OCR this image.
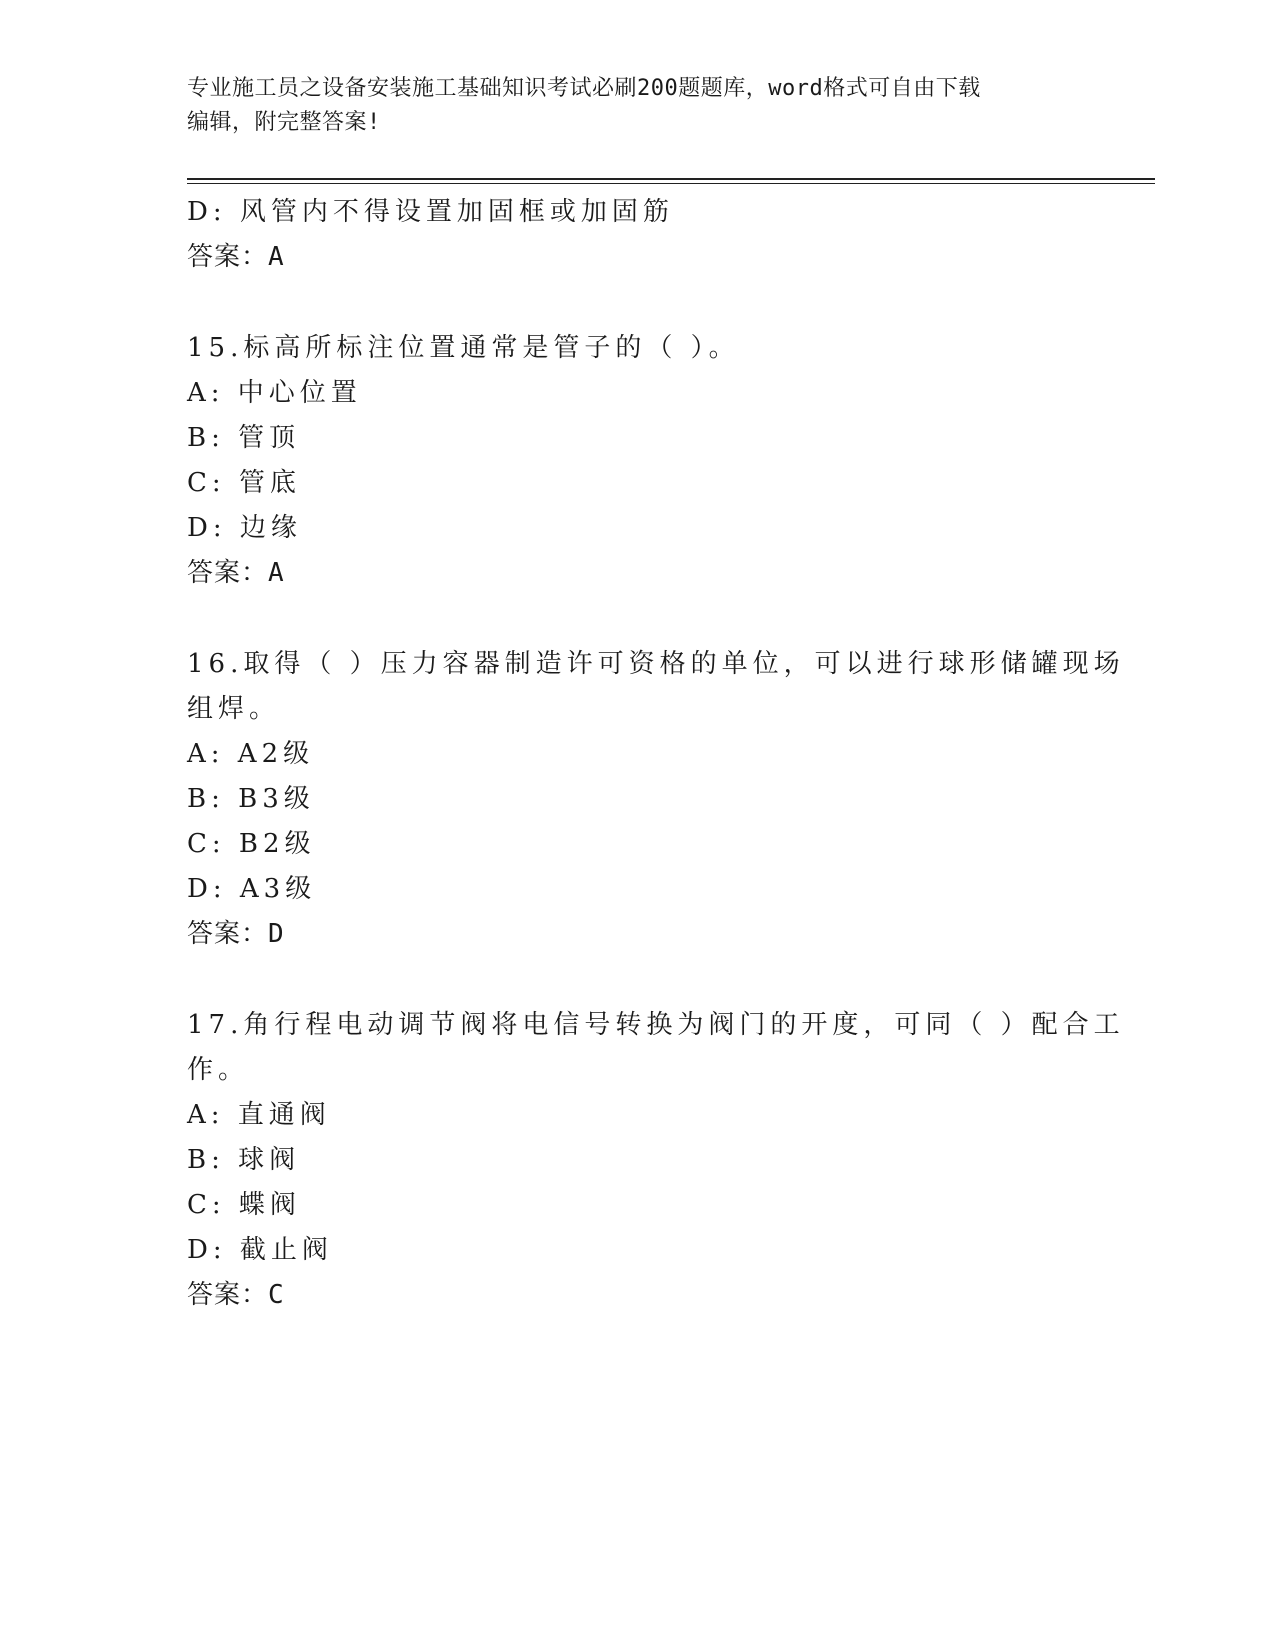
专业施工员之设备安装施工基础知识考试必刷200题题库，word格式可自由下载
编辑，附完整答案!
D: 风管内不得设置加固框或加固筋
答案：A
15.标高所标注位置通常是管子的（ ）。
A: 中心位置
B: 管顶
C: 管底
D: 边缘
答案：A
16.取得（ ）压力容器制造许可资格的单位，可以进行球形储罐现场
组焊。
A: A2级
B: B3级
C: B2级
D: A3级
答案：D
17.角行程电动调节阀将电信号转换为阀门的开度，可同（ ）配合工
作。
A: 直通阀
B: 球阀
C: 蝶阀
D: 截止阀
答案：C
